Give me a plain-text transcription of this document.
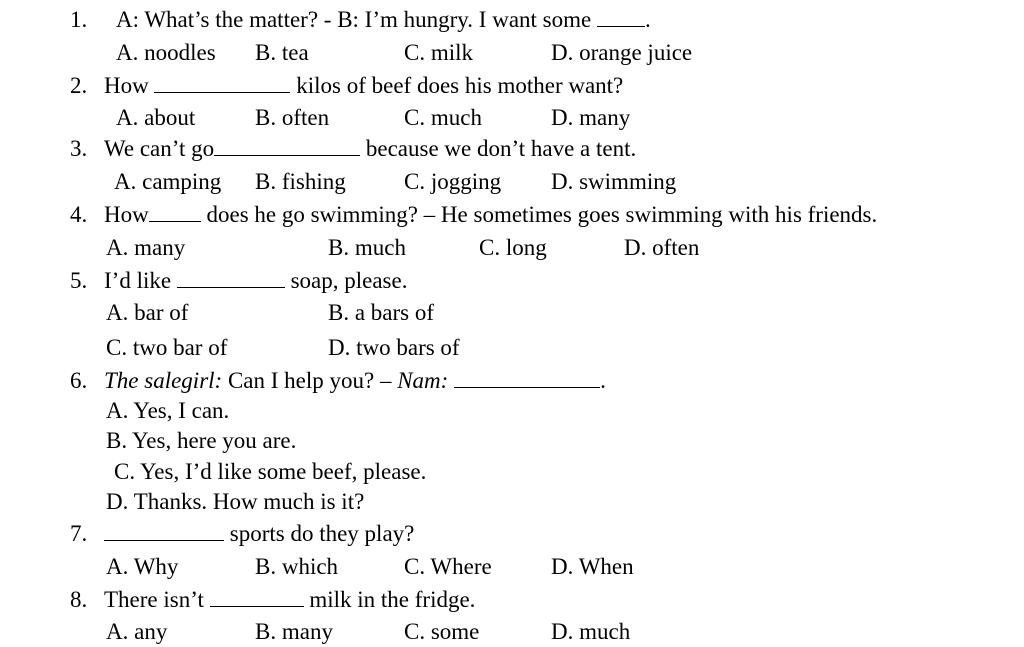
1. A: What’s the matter? - B: I’m hungry. I want some .
A. noodles B. tea	C. milk	D. orange juice
2. How	kilos of beef does his mother want?
A. about	B. often	C. much	D. many
3. We can’t go	because we don’t have a tent.
A. camping B. fishing	C. jogging D. swimming
4. How does he go swimming? – He sometimes goes swimming with his friends.
A. many	B. much	C. long	D. often
5. I’d like	soap, please.
A. bar of	B. a bars of
C. two bar of	D. two bars of
6. The salegirl: Can I help you? – Nam:	.
A. Yes, I can.
B. Yes, here you are.
C. Yes, I’d like some beef, please.
D. Thanks. How much is it?
7.	sports do they play?
A. Why	B. which	C. Where	D. When
8. There isn’t	milk in the fridge.
A. any	B. many	C. some	D. much
